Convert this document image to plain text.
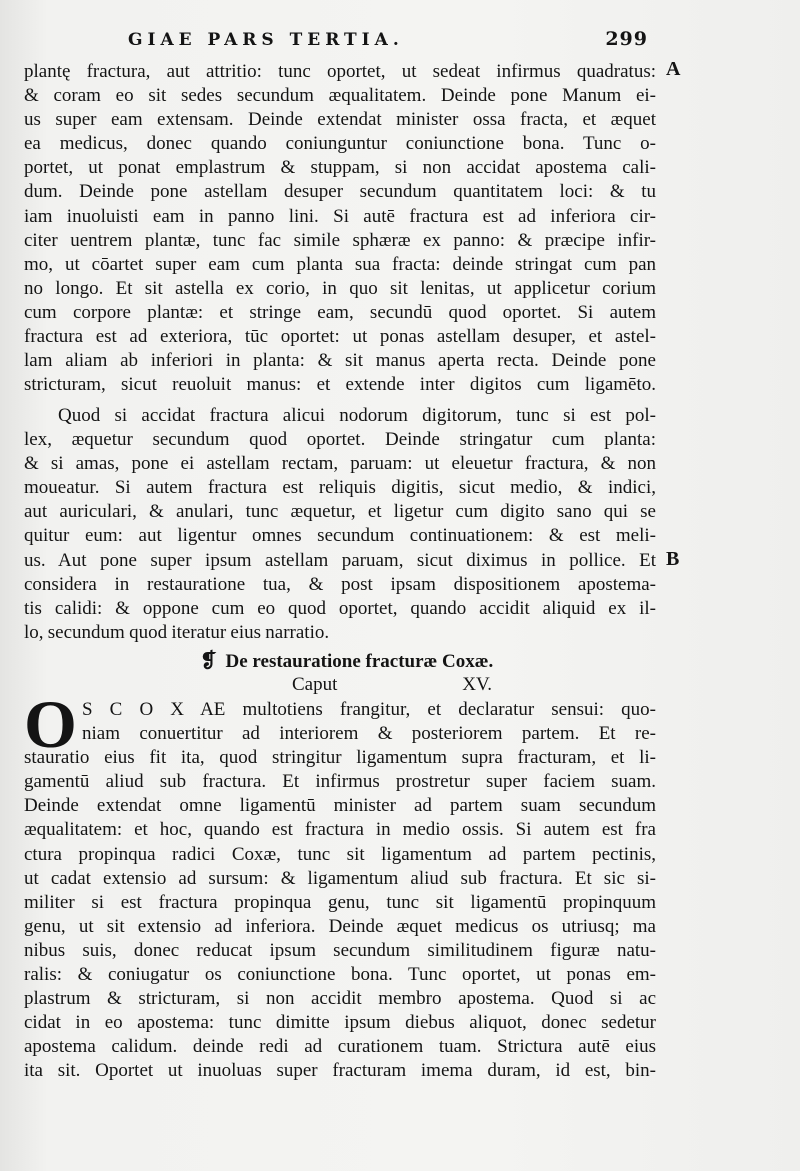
GIAE PARS TERTIA.	299
A
B
plantę fractura, aut attritio: tunc oportet, ut sedeat infirmus quadratus:
& coram eo sit sedes secundum æqualitatem. Deinde pone Manum ei-
us super eam extensam. Deinde extendat minister ossa fracta, et æquet
ea medicus, donec quando coniunguntur coniunctione bona. Tunc o-
portet, ut ponat emplastrum & stuppam, si non accidat apostema cali-
dum. Deinde pone astellam desuper secundum quantitatem loci: & tu
iam inuoluisti eam in panno lini. Si autē fractura est ad inferiora cir-
citer uentrem plantæ, tunc fac simile sphæræ ex panno: & præcipe infir-
mo, ut cōartet super eam cum planta sua fracta: deinde stringat cum pan
no longo. Et sit astella ex corio, in quo sit lenitas, ut applicetur corium
cum corpore plantæ: et stringe eam, secundū quod oportet. Si autem
fractura est ad exteriora, tūc oportet: ut ponas astellam desuper, et astel-
lam aliam ab inferiori in planta: & sit manus aperta recta. Deinde pone
stricturam, sicut reuoluit manus: et extende inter digitos cum ligamēto.
Quod si accidat fractura alicui nodorum digitorum, tunc si est pol-
lex, æquetur secundum quod oportet. Deinde stringatur cum planta:
& si amas, pone ei astellam rectam, paruam: ut eleuetur fractura, & non
moueatur. Si autem fractura est reliquis digitis, sicut medio, & indici,
aut auriculari, & anulari, tunc æquetur, et ligetur cum digito sano qui se
quitur eum: aut ligentur omnes secundum continuationem: & est meli-
us. Aut pone super ipsum astellam paruam, sicut diximus in pollice. Et
considera in restauratione tua, & post ipsam dispositionem apostema-
tis calidi: & oppone cum eo quod oportet, quando accidit aliquid ex il-
lo, secundum quod iteratur eius narratio.
❡ De restauratione fracturæ Coxæ.
Caput	XV.
O S C O X AE multotiens frangitur, et declaratur sensui: quo-
niam conuertitur ad interiorem & posteriorem partem. Et re-
stauratio eius fit ita, quod stringitur ligamentum supra fracturam, et li-
gamentū aliud sub fractura. Et infirmus prostretur super faciem suam.
Deinde extendat omne ligamentū minister ad partem suam secundum
æqualitatem: et hoc, quando est fractura in medio ossis. Si autem est fra
ctura propinqua radici Coxæ, tunc sit ligamentum ad partem pectinis,
ut cadat extensio ad sursum: & ligamentum aliud sub fractura. Et sic si-
militer si est fractura propinqua genu, tunc sit ligamentū propinquum
genu, ut sit extensio ad inferiora. Deinde æquet medicus os utriusq; ma
nibus suis, donec reducat ipsum secundum similitudinem figuræ natu-
ralis: & coniugatur os coniunctione bona. Tunc oportet, ut ponas em-
plastrum & stricturam, si non accidit membro apostema. Quod si ac
cidat in eo apostema: tunc dimitte ipsum diebus aliquot, donec sedetur
apostema calidum. deinde redi ad curationem tuam. Strictura autē eius
ita sit. Oportet ut inuoluas super fracturam imema duram, id est, bin-
